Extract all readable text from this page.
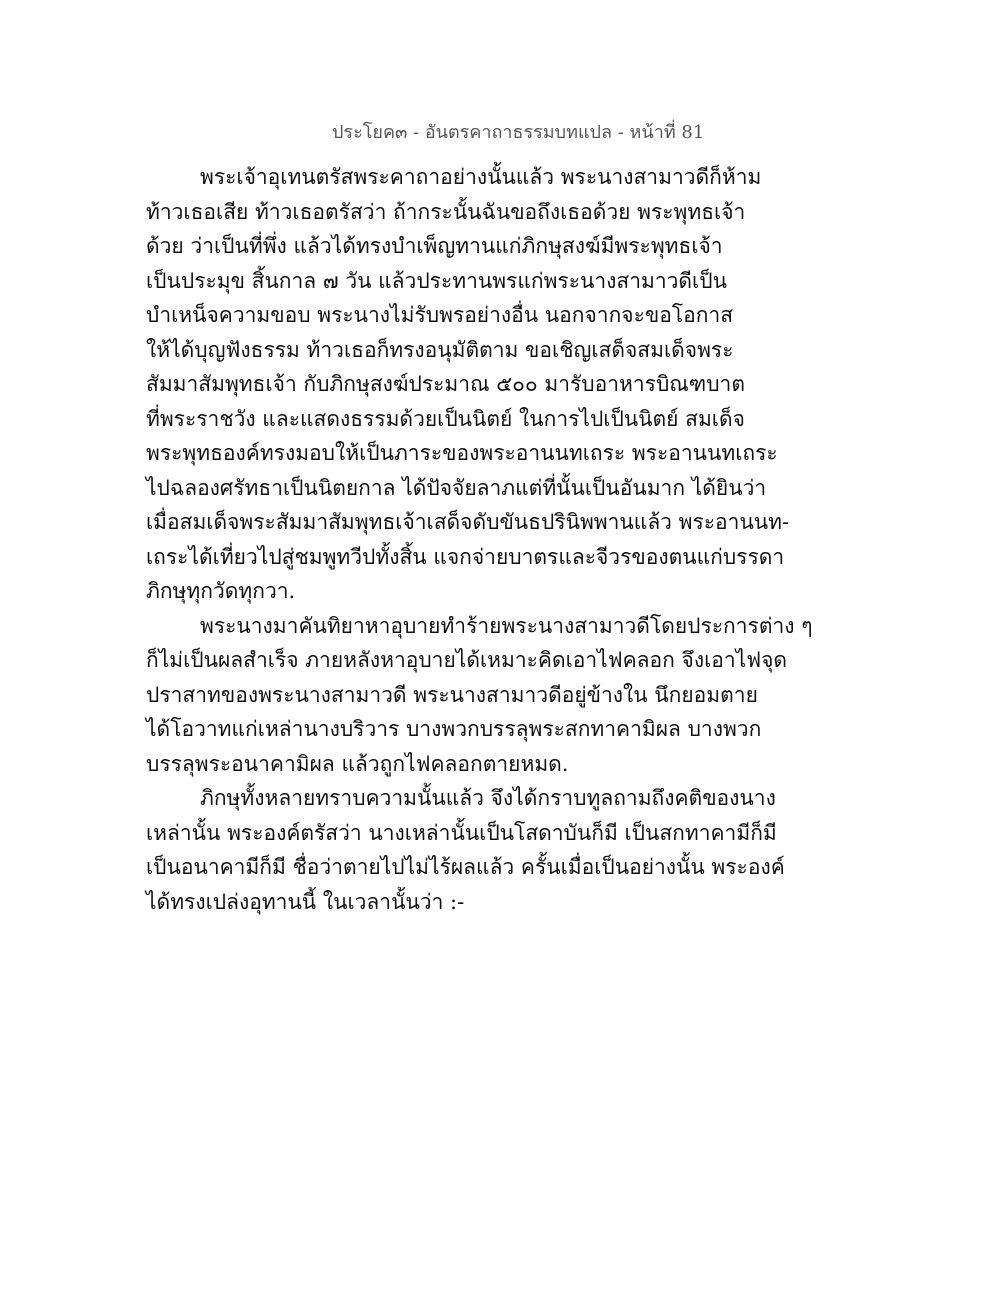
ประโยค๓ - อันตรคาถาธรรมบทแปล - หน้าที่ 81
พระเจ้าอุเทนตรัสพระคาถาอย่างนั้นแล้ว พระนางสามาวดีก็ห้าม
ท้าวเธอเสีย ท้าวเธอตรัสว่า ถ้ากระนั้นฉันขอถึงเธอด้วย พระพุทธเจ้า
ด้วย ว่าเป็นที่พึ่ง แล้วได้ทรงบำเพ็ญทานแก่ภิกษุสงฆ์มีพระพุทธเจ้า
เป็นประมุข สิ้นกาล ๗ วัน แล้วประทานพรแก่พระนางสามาวดีเป็น
บำเหน็จความขอบ พระนางไม่รับพรอย่างอื่น นอกจากจะขอโอกาส
ให้ได้บุญฟังธรรม ท้าวเธอก็ทรงอนุมัติตาม ขอเชิญเสด็จสมเด็จพระ
สัมมาสัมพุทธเจ้า กับภิกษุสงฆ์ประมาณ ๕๐๐ มารับอาหารบิณฑบาต
ที่พระราชวัง และแสดงธรรมด้วยเป็นนิตย์ ในการไปเป็นนิตย์ สมเด็จ
พระพุทธองค์ทรงมอบให้เป็นภาระของพระอานนทเถระ พระอานนทเถระ
ไปฉลองศรัทธาเป็นนิตยกาล ได้ปัจจัยลาภแต่ที่นั้นเป็นอันมาก ได้ยินว่า
เมื่อสมเด็จพระสัมมาสัมพุทธเจ้าเสด็จดับขันธปรินิพพานแล้ว พระอานนท-
เถระได้เที่ยวไปสู่ชมพูทวีปทั้งสิ้น แจกจ่ายบาตรและจีวรของตนแก่บรรดา
ภิกษุทุกวัดทุกวา.
พระนางมาคันทิยาหาอุบายทำร้ายพระนางสามาวดีโดยประการต่าง ๆ
ก็ไม่เป็นผลสำเร็จ ภายหลังหาอุบายได้เหมาะคิดเอาไฟคลอก จึงเอาไฟจุด
ปราสาทของพระนางสามาวดี พระนางสามาวดีอยู่ข้างใน นึกยอมตาย
ได้โอวาทแก่เหล่านางบริวาร บางพวกบรรลุพระสกทาคามิผล บางพวก
บรรลุพระอนาคามิผล แล้วถูกไฟคลอกตายหมด.
ภิกษุทั้งหลายทราบความนั้นแล้ว จึงได้กราบทูลถามถึงคติของนาง
เหล่านั้น พระองค์ตรัสว่า นางเหล่านั้นเป็นโสดาบันก็มี เป็นสกทาคามีก็มี
เป็นอนาคามีก็มี ชื่อว่าตายไปไม่ไร้ผลแล้ว ครั้นเมื่อเป็นอย่างนั้น พระองค์
ได้ทรงเปล่งอุทานนี้ ในเวลานั้นว่า :-
